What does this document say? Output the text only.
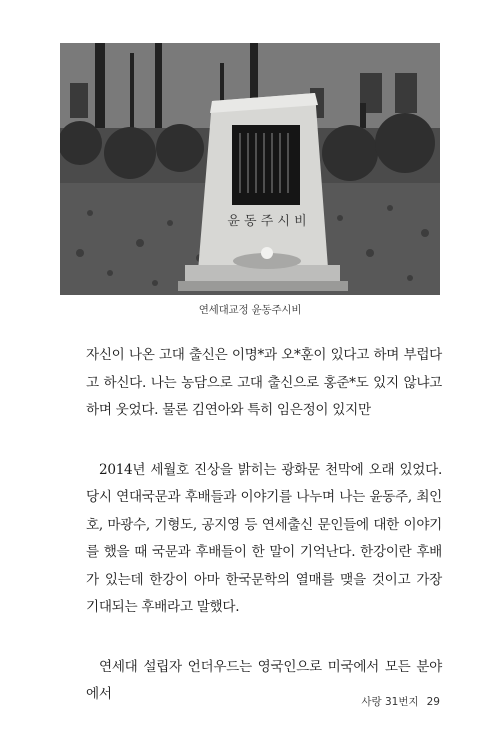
윤 동 주 시 비
연세대교정 윤동주시비

자신이 나온 고대 출신은 이명*과 오*훈이 있다고 하며 부럽다고 하신다. 나는 농담으로 고대 출신으로 홍준*도 있지 않냐고 하며 웃었다. 물론 김연아와 특히 임은정이 있지만

2014년 세월호 진상을 밝히는 광화문 천막에 오래 있었다. 당시 연대국문과 후배들과 이야기를 나누며 나는 윤동주, 최인호, 마광수, 기형도, 공지영 등 연세출신 문인들에 대한 이야기를 했을 때 국문과 후배들이 한 말이 기억난다. 한강이란 후배가 있는데 한강이 아마 한국문학의 열매를 맺을 것이고 가장 기대되는 후배라고 말했다.

연세대 설립자 언더우드는 영국인으로 미국에서 모든 분야에서	사랑 31번지 29
